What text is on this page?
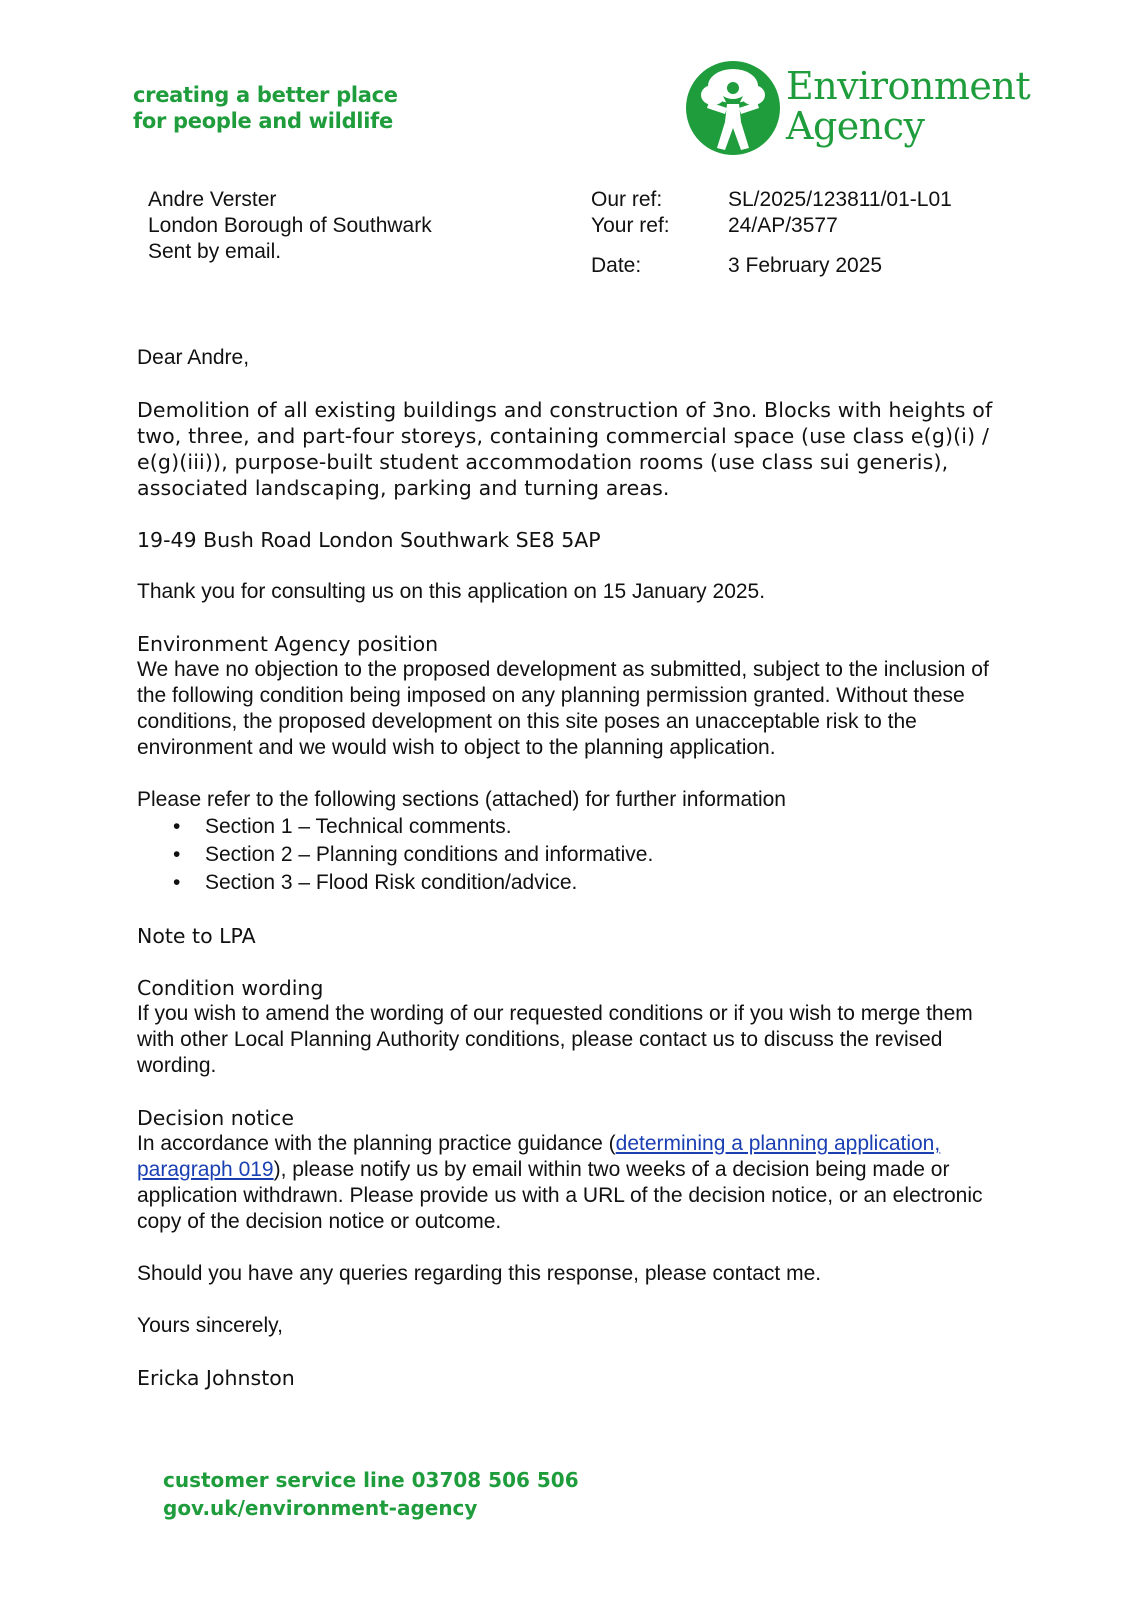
creating a better place
for people and wildlife
Environment
Agency
Andre Verster
London Borough of Southwark
Sent by email.
Our ref:	SL/2025/123811/01-L01
Your ref:	24/AP/3577
Date:	3 February 2025

Dear Andre,

Demolition of all existing buildings and construction of 3no. Blocks with heights of two, three, and part-four storeys, containing commercial space (use class e(g)(i) / e(g)(iii)), purpose-built student accommodation rooms (use class sui generis), associated landscaping, parking and turning areas.

19-49 Bush Road London Southwark SE8 5AP

Thank you for consulting us on this application on 15 January 2025.

Environment Agency position

We have no objection to the proposed development as submitted, subject to the inclusion of the following condition being imposed on any planning permission granted. Without these conditions, the proposed development on this site poses an unacceptable risk to the environment and we would wish to object to the planning application.

Please refer to the following sections (attached) for further information

• Section 1 – Technical comments.
• Section 2 – Planning conditions and informative.
• Section 3 – Flood Risk condition/advice.

Note to LPA

Condition wording

If you wish to amend the wording of our requested conditions or if you wish to merge them with other Local Planning Authority conditions, please contact us to discuss the revised wording.

Decision notice

In accordance with the planning practice guidance (determining a planning application, paragraph 019), please notify us by email within two weeks of a decision being made or application withdrawn. Please provide us with a URL of the decision notice, or an electronic copy of the decision notice or outcome.

Should you have any queries regarding this response, please contact me.

Yours sincerely,

Ericka Johnston

customer service line 03708 506 506
gov.uk/environment-agency
